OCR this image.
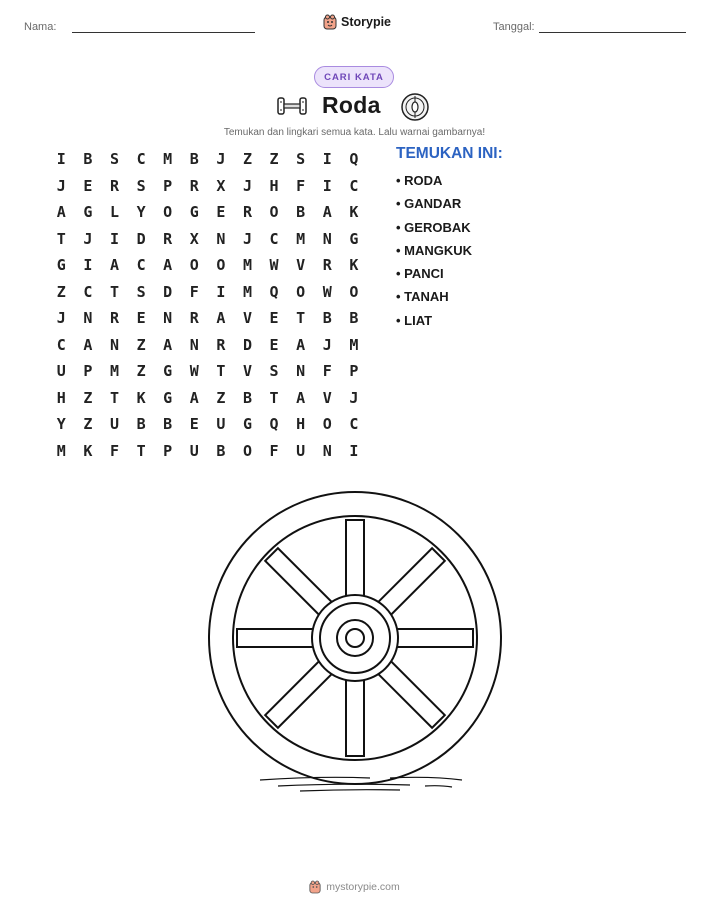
Nama:	Storypie	Tanggal:
CARI KATA
Roda
Temukan dan lingkari semua kata. Lalu warnai gambarnya!
I	B	S	C	M	B	J	Z	Z	S	I	Q
J	E	R	S	P	R	X	J	H	F	I	C
A	G	L	Y	O	G	E	R	O	B	A	K
T	J	I	D	R	X	N	J	C	M	N	G
G	I	A	C	A	O	O	M	W	V	R	K
Z	C	T	S	D	F	I	M	Q	O	W	O
J	N	R	E	N	R	A	V	E	T	B	B
C	A	N	Z	A	N	R	D	E	A	J	M
U	P	M	Z	G	W	T	V	S	N	F	P
H	Z	T	K	G	A	Z	B	T	A	V	J
Y	Z	U	B	B	E	U	G	Q	H	O	C
M	K	F	T	P	U	B	O	F	U	N	I
TEMUKAN INI:
• RODA
• GANDAR
• GEROBAK
• MANGKUK
• PANCI
• TANAH
• LIAT
mystorypie.com
